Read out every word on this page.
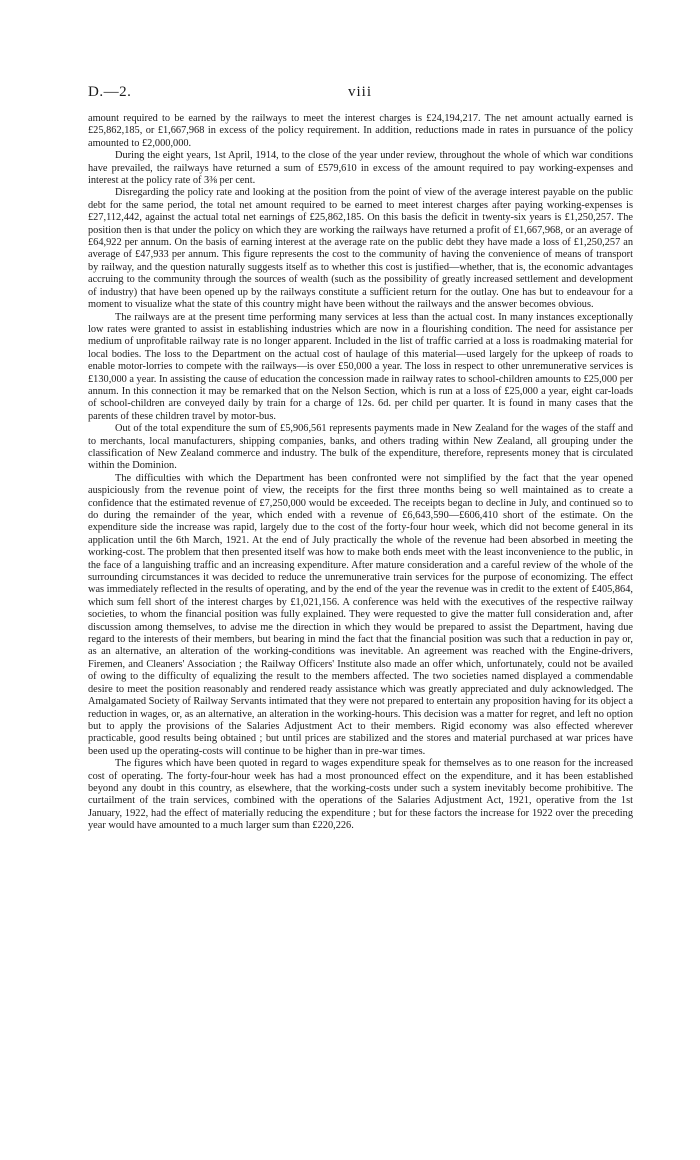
D.—2.	viii

amount required to be earned by the railways to meet the interest charges is £24,194,217. The net amount actually earned is £25,862,185, or £1,667,968 in excess of the policy requirement. In addition, reductions made in rates in pursuance of the policy amounted to £2,000,000.

During the eight years, 1st April, 1914, to the close of the year under review, throughout the whole of which war conditions have prevailed, the railways have returned a sum of £579,610 in excess of the amount required to pay working-expenses and interest at the policy rate of 3⅜ per cent.

Disregarding the policy rate and looking at the position from the point of view of the average interest payable on the public debt for the same period, the total net amount required to be earned to meet interest charges after paying working-expenses is £27,112,442, against the actual total net earnings of £25,862,185. On this basis the deficit in twenty-six years is £1,250,257. The position then is that under the policy on which they are working the railways have returned a profit of £1,667,968, or an average of £64,922 per annum. On the basis of earning interest at the average rate on the public debt they have made a loss of £1,250,257 an average of £47,933 per annum. This figure represents the cost to the community of having the convenience of means of transport by railway, and the question naturally suggests itself as to whether this cost is justified—whether, that is, the economic advantages accruing to the community through the sources of wealth (such as the possibility of greatly increased settlement and development of industry) that have been opened up by the railways constitute a sufficient return for the outlay. One has but to endeavour for a moment to visualize what the state of this country might have been without the railways and the answer becomes obvious.

The railways are at the present time performing many services at less than the actual cost. In many instances exceptionally low rates were granted to assist in establishing industries which are now in a flourishing condition. The need for assistance per medium of unprofitable railway rate is no longer apparent. Included in the list of traffic carried at a loss is roadmaking material for local bodies. The loss to the Department on the actual cost of haulage of this material—used largely for the upkeep of roads to enable motor-lorries to compete with the railways—is over £50,000 a year. The loss in respect to other unremunerative services is £130,000 a year. In assisting the cause of education the concession made in railway rates to school-children amounts to £25,000 per annum. In this connection it may be remarked that on the Nelson Section, which is run at a loss of £25,000 a year, eight car-loads of school-children are conveyed daily by train for a charge of 12s. 6d. per child per quarter. It is found in many cases that the parents of these children travel by motor-bus.

Out of the total expenditure the sum of £5,906,561 represents payments made in New Zealand for the wages of the staff and to merchants, local manufacturers, shipping companies, banks, and others trading within New Zealand, all grouping under the classification of New Zealand commerce and industry. The bulk of the expenditure, therefore, represents money that is circulated within the Dominion.

The difficulties with which the Department has been confronted were not simplified by the fact that the year opened auspiciously from the revenue point of view, the receipts for the first three months being so well maintained as to create a confidence that the estimated revenue of £7,250,000 would be exceeded. The receipts began to decline in July, and continued so to do during the remainder of the year, which ended with a revenue of £6,643,590—£606,410 short of the estimate. On the expenditure side the increase was rapid, largely due to the cost of the forty-four hour week, which did not become general in its application until the 6th March, 1921. At the end of July practically the whole of the revenue had been absorbed in meeting the working-cost. The problem that then presented itself was how to make both ends meet with the least inconvenience to the public, in the face of a languishing traffic and an increasing expenditure. After mature consideration and a careful review of the whole of the surrounding circumstances it was decided to reduce the unremunerative train services for the purpose of economizing. The effect was immediately reflected in the results of operating, and by the end of the year the revenue was in credit to the extent of £405,864, which sum fell short of the interest charges by £1,021,156. A conference was held with the executives of the respective railway societies, to whom the financial position was fully explained. They were requested to give the matter full consideration and, after discussion among themselves, to advise me the direction in which they would be prepared to assist the Department, having due regard to the interests of their members, but bearing in mind the fact that the financial position was such that a reduction in pay or, as an alternative, an alteration of the working-conditions was inevitable. An agreement was reached with the Engine-drivers, Firemen, and Cleaners' Association ; the Railway Officers' Institute also made an offer which, unfortunately, could not be availed of owing to the difficulty of equalizing the result to the members affected. The two societies named displayed a commendable desire to meet the position reasonably and rendered ready assistance which was greatly appreciated and duly acknowledged. The Amalgamated Society of Railway Servants intimated that they were not prepared to entertain any proposition having for its object a reduction in wages, or, as an alternative, an alteration in the working-hours. This decision was a matter for regret, and left no option but to apply the provisions of the Salaries Adjustment Act to their members. Rigid economy was also effected wherever practicable, good results being obtained ; but until prices are stabilized and the stores and material purchased at war prices have been used up the operating-costs will continue to be higher than in pre-war times.

The figures which have been quoted in regard to wages expenditure speak for themselves as to one reason for the increased cost of operating. The forty-four-hour week has had a most pronounced effect on the expenditure, and it has been established beyond any doubt in this country, as elsewhere, that the working-costs under such a system inevitably become prohibitive. The curtailment of the train services, combined with the operations of the Salaries Adjustment Act, 1921, operative from the 1st January, 1922, had the effect of materially reducing the expenditure ; but for these factors the increase for 1922 over the preceding year would have amounted to a much larger sum than £220,226.
